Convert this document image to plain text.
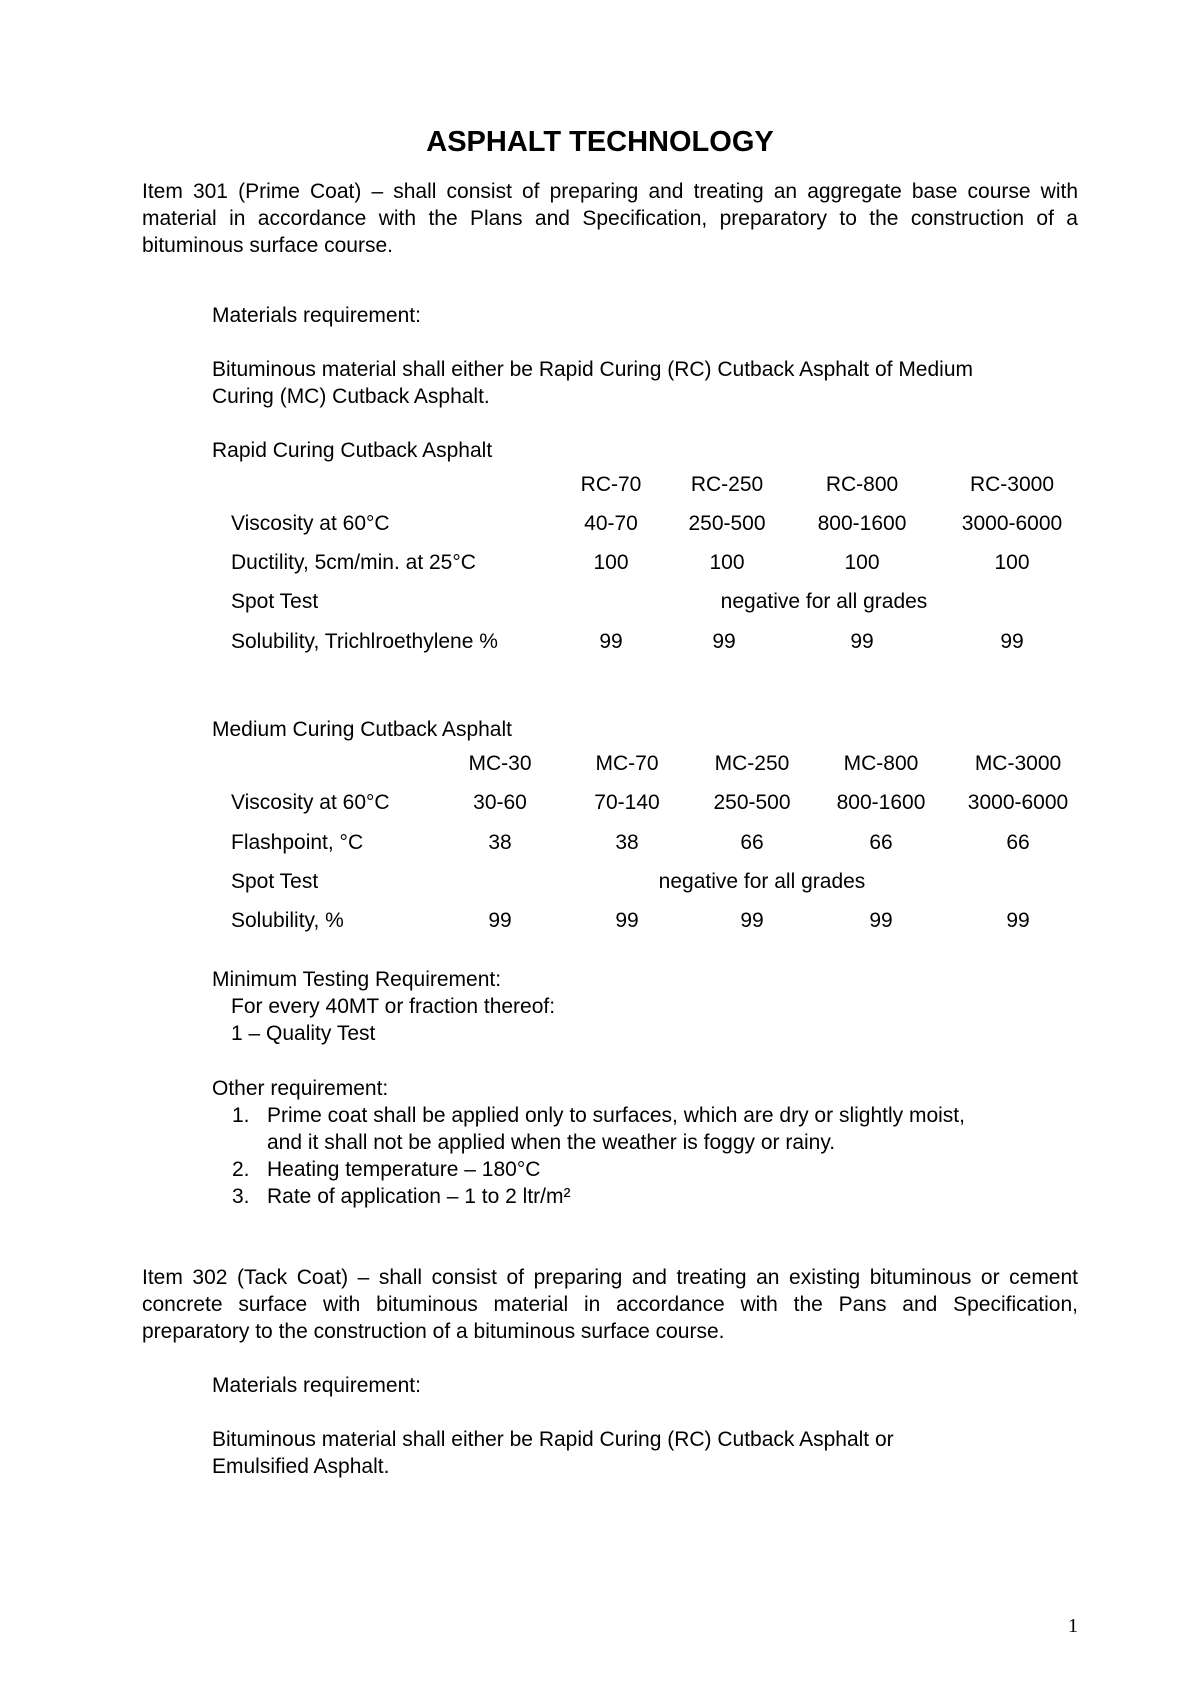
ASPHALT TECHNOLOGY

Item 301 (Prime Coat) – shall consist of preparing and treating an aggregate base course with material in accordance with the Plans and Specification, preparatory to the construction of a bituminous surface course.

Materials requirement:
Bituminous material shall either be Rapid Curing (RC) Cutback Asphalt of Medium
Curing (MC) Cutback Asphalt.
Rapid Curing Cutback Asphalt
RC-70 RC-250	RC-800	RC-3000
Viscosity at 60°C	40-70 250-500 800-1600	3000-6000
Ductility, 5cm/min. at 25°C	100	100	100	100
Spot Test	negative for all grades
Solubility, Trichlroethylene %	99	99	99	99
Medium Curing Cutback Asphalt
MC-30	MC-70	MC-250	MC-800	MC-3000
Viscosity at 60°C	30-60	70-140	250-500 800-1600 3000-6000
Flashpoint, °C	38	38	66	66	66
Spot Test	negative for all grades
Solubility, %	99	99	99	99	99
Minimum Testing Requirement:
For every 40MT or fraction thereof:
1 – Quality Test
Other requirement:
1. Prime coat shall be applied only to surfaces, which are dry or slightly moist,
and it shall not be applied when the weather is foggy or rainy.
2. Heating temperature – 180°C
3. Rate of application – 1 to 2 ltr/m²

Item 302 (Tack Coat) – shall consist of preparing and treating an existing bituminous or cement concrete surface with bituminous material in accordance with the Pans and Specification, preparatory to the construction of a bituminous surface course.

Materials requirement:
Bituminous material shall either be Rapid Curing (RC) Cutback Asphalt or
Emulsified Asphalt.
1
